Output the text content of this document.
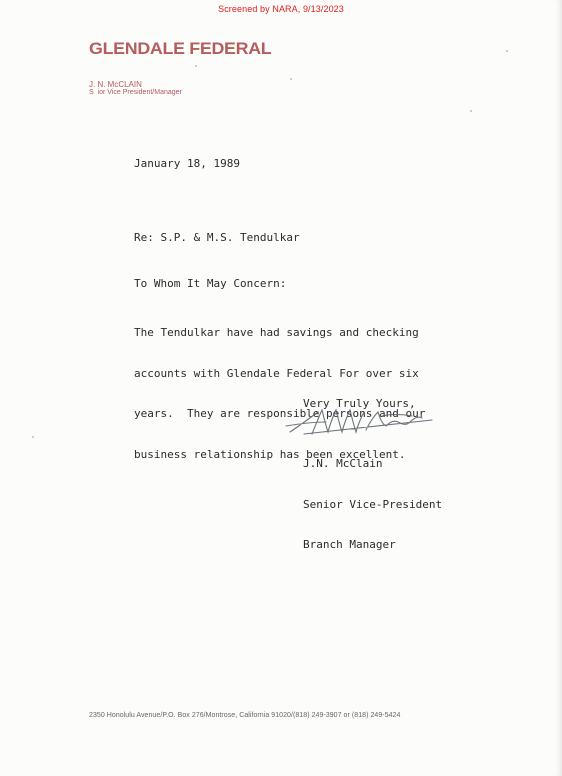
Screened by NARA, 9/13/2023
GLENDALE FEDERAL
J. N. McCLAIN
S  ior Vice President/Manager
January 18, 1989
Re: S.P. & M.S. Tendulkar
To Whom It May Concern:

The Tendulkar have had savings and checking

accounts with Glendale Federal For over six

years.  They are responsible persons and our

business relationship has been excellent.

Very Truly Yours,

J.N. McClain

Senior Vice-President

Branch Manager

2350 Honolulu Avenue/P.O. Box 276/Montrose, California 91020/(818) 249-3907 or (818) 249-5424
